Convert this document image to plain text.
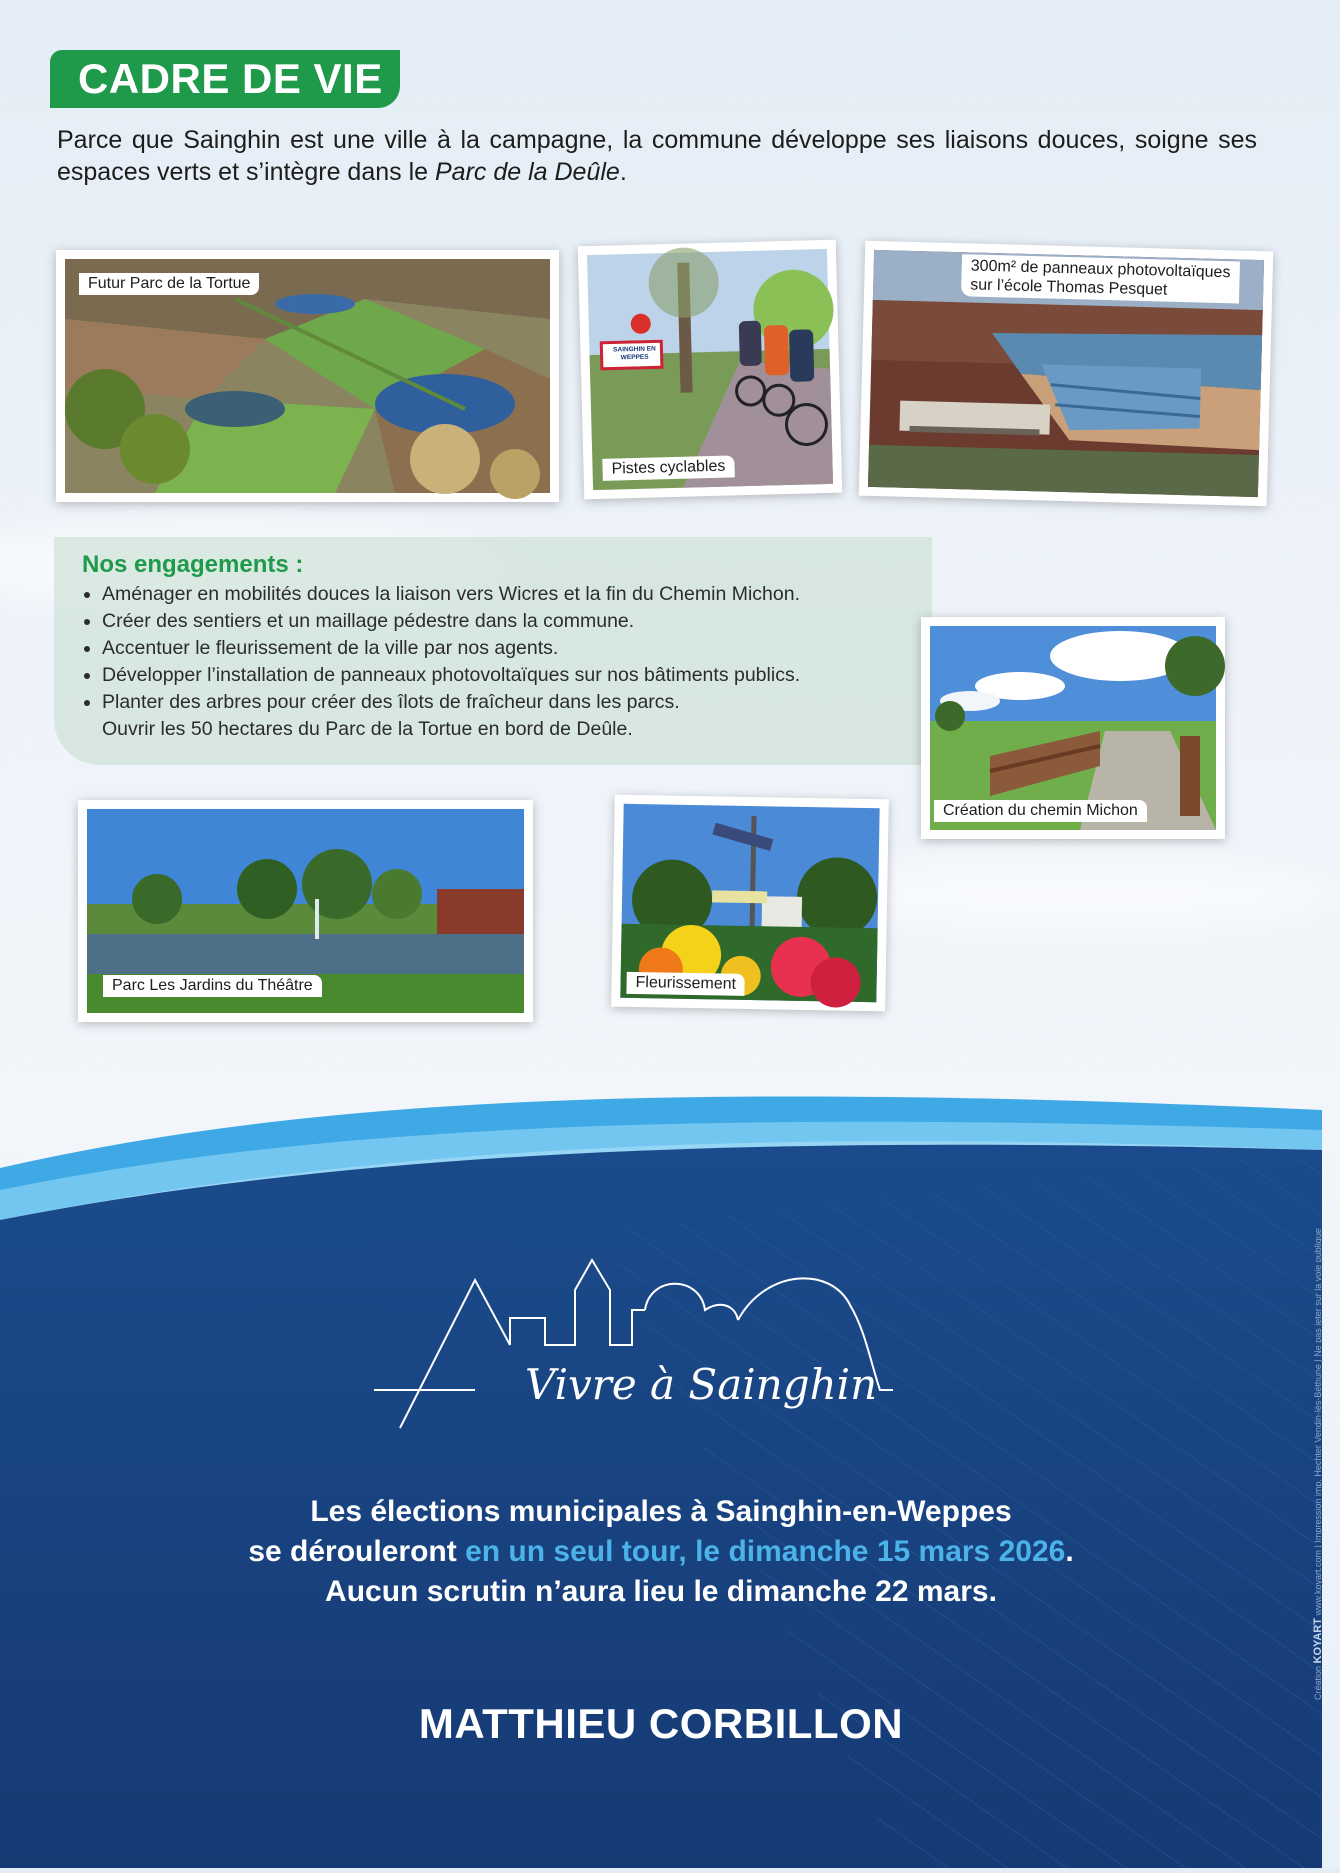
CADRE DE VIE

Parce que Sainghin est une ville à la campagne, la commune développe ses liaisons douces, soigne ses espaces verts et s’intègre dans le Parc de la Deûle.

Futur Parc de la Tortue
SAINGHIN EN WEPPES
Pistes cyclables
300m² de panneaux photovoltaïques
sur l’école Thomas Pesquet
Nos engagements :
• Aménager en mobilités douces la liaison vers Wicres et la fin du Chemin Michon.
• Créer des sentiers et un maillage pédestre dans la commune.
• Accentuer le fleurissement de la ville par nos agents.
• Développer l’installation de panneaux photovoltaïques sur nos bâtiments publics.
• Planter des arbres pour créer des îlots de fraîcheur dans les parcs.
Ouvrir les 50 hectares du Parc de la Tortue en bord de Deûle.
Création du chemin Michon
Parc Les Jardins du Théâtre	Fleurissement
Vivre à Sainghin
Les élections municipales à Sainghin-en-Weppes
se dérouleront en un seul tour, le dimanche 15 mars 2026.
Aucun scrutin n’aura lieu le dimanche 22 mars.
MATTHIEU CORBILLON
Création KOYART www.koyart.com | Impression imp. Hechter Vendin-lès-Béthune | Ne pas jeter sur la voie publique
